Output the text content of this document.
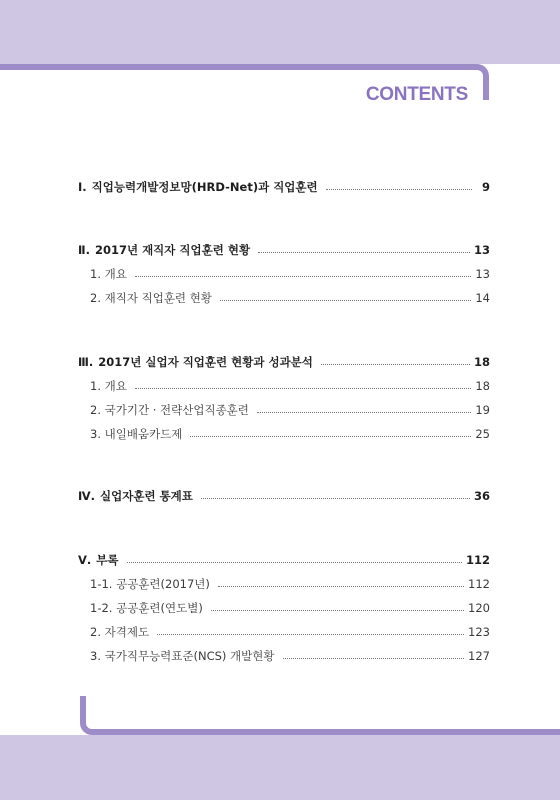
CONTENTS
Ⅰ. 직업능력개발정보망(HRD-Net)과 직업훈련	9
Ⅱ. 2017년 재직자 직업훈련 현황	13
1. 개요	13
2. 재직자 직업훈련 현황	14
Ⅲ. 2017년 실업자 직업훈련 현황과 성과분석	18
1. 개요	18
2. 국가기간 · 전략산업직종훈련	19
3. 내일배움카드제	25
Ⅳ. 실업자훈련 통계표	36
Ⅴ. 부록	112
1-1. 공공훈련(2017년)	112
1-2. 공공훈련(연도별)	120
2. 자격제도	123
3. 국가직무능력표준(NCS) 개발현황	127
